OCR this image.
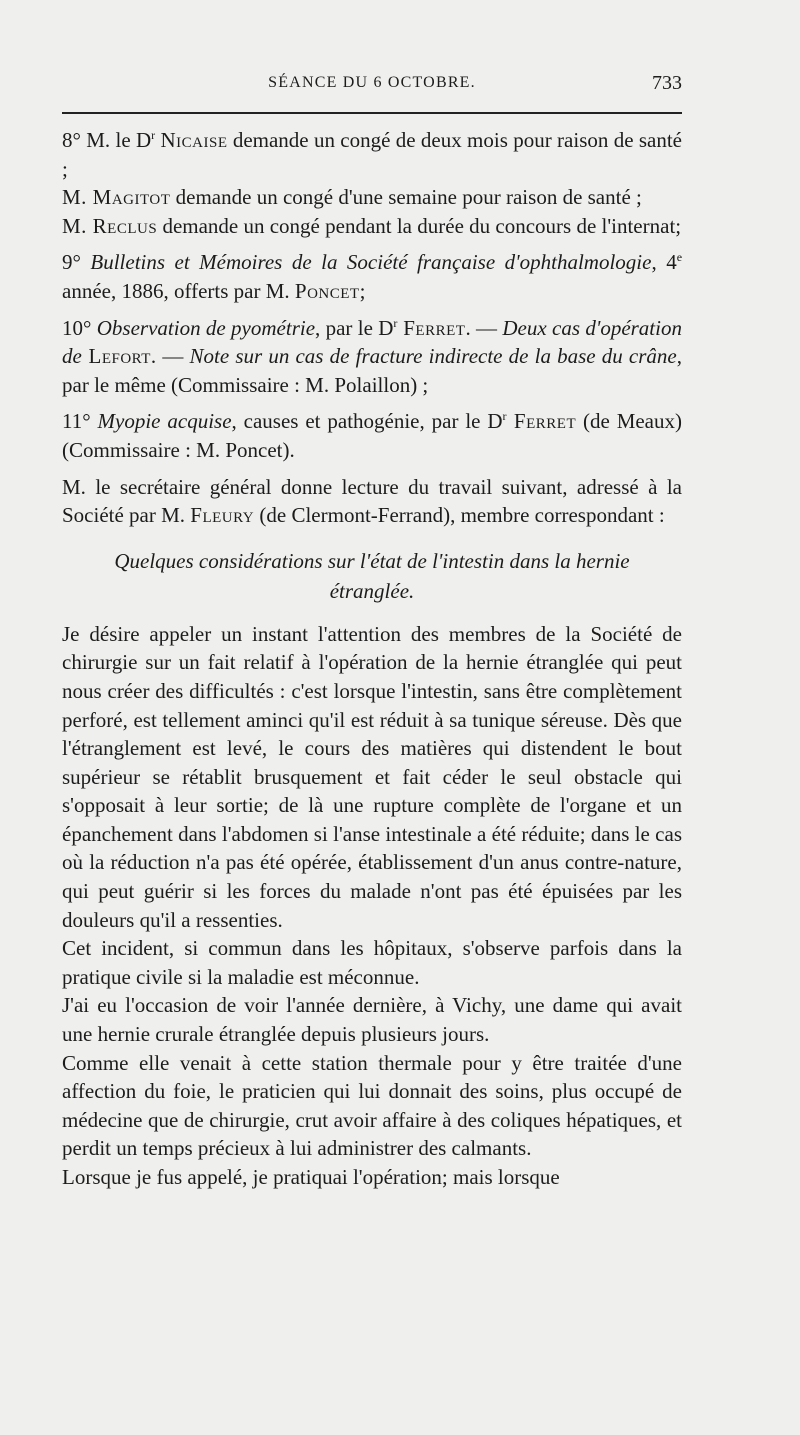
SÉANCE DU 6 OCTOBRE.	733

8° M. le $D^r$ Nicaise demande un congé de deux mois pour raison de santé ;

M. Magitot demande un congé d'une semaine pour raison de santé ;

M. Reclus demande un congé pendant la durée du concours de l'internat;

9° Bulletins et Mémoires de la Société française d'ophthalmologie, 4e année, 1886, offerts par M. Poncet;

10° Observation de pyométrie, par le $D^r$ Ferret. — Deux cas d'opération de Lefort. — Note sur un cas de fracture indirecte de la base du crâne, par le même (Commissaire : M. Polaillon) ;

11° Myopie acquise, causes et pathogénie, par le $D^r$ Ferret (de Meaux) (Commissaire : M. Poncet).

M. le secrétaire général donne lecture du travail suivant, adressé à la Société par M. Fleury (de Clermont-Ferrand), membre correspondant :

Quelques considérations sur l'état de l'intestin dans la hernie
étranglée.

Je désire appeler un instant l'attention des membres de la Société de chirurgie sur un fait relatif à l'opération de la hernie étranglée qui peut nous créer des difficultés : c'est lorsque l'intestin, sans être complètement perforé, est tellement aminci qu'il est réduit à sa tunique séreuse. Dès que l'étranglement est levé, le cours des matières qui distendent le bout supérieur se rétablit brusquement et fait céder le seul obstacle qui s'opposait à leur sortie; de là une rupture complète de l'organe et un épanchement dans l'abdomen si l'anse intestinale a été réduite; dans le cas où la réduction n'a pas été opérée, établissement d'un anus contre-nature, qui peut guérir si les forces du malade n'ont pas été épuisées par les douleurs qu'il a ressenties.

Cet incident, si commun dans les hôpitaux, s'observe parfois dans la pratique civile si la maladie est méconnue.

J'ai eu l'occasion de voir l'année dernière, à Vichy, une dame qui avait une hernie crurale étranglée depuis plusieurs jours.

Comme elle venait à cette station thermale pour y être traitée d'une affection du foie, le praticien qui lui donnait des soins, plus occupé de médecine que de chirurgie, crut avoir affaire à des coliques hépatiques, et perdit un temps précieux à lui administrer des calmants.

Lorsque je fus appelé, je pratiquai l'opération; mais lorsque
